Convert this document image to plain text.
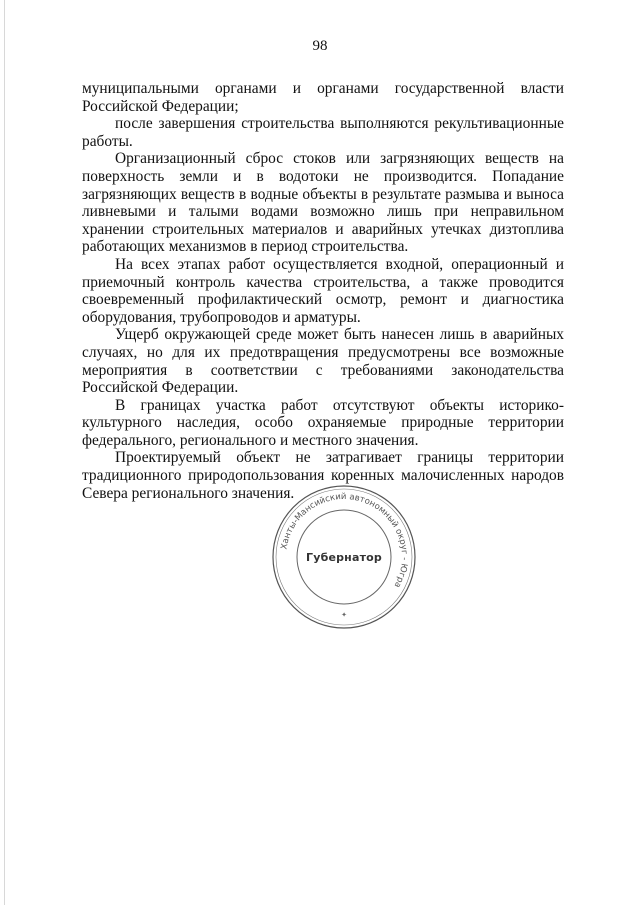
98

муниципальными органами и органами государственной власти Российской Федерации;

после завершения строительства выполняются рекультивационные работы.

Организационный сброс стоков или загрязняющих веществ на поверхность земли и в водотоки не производится. Попадание загрязняющих веществ в водные объекты в результате размыва и выноса ливневыми и талыми водами возможно лишь при неправильном хранении строительных материалов и аварийных утечках дизтоплива работающих механизмов в период строительства.

На всех этапах работ осуществляется входной, операционный и приемочный контроль качества строительства, а также проводится своевременный профилактический осмотр, ремонт и диагностика оборудования, трубопроводов и арматуры.

Ущерб окружающей среде может быть нанесен лишь в аварийных случаях, но для их предотвращения предусмотрены все возможные мероприятия в соответствии с требованиями законодательства Российской Федерации.

В границах участка работ отсутствуют объекты историко-культурного наследия, особо охраняемые природные территории федерального, регионального и местного значения.

Проектируемый объект не затрагивает границы территории традиционного природопользования коренных малочисленных народов Севера регионального значения.

Ханты-Мансийский автономный округ - Югра
✦
Губернатор
